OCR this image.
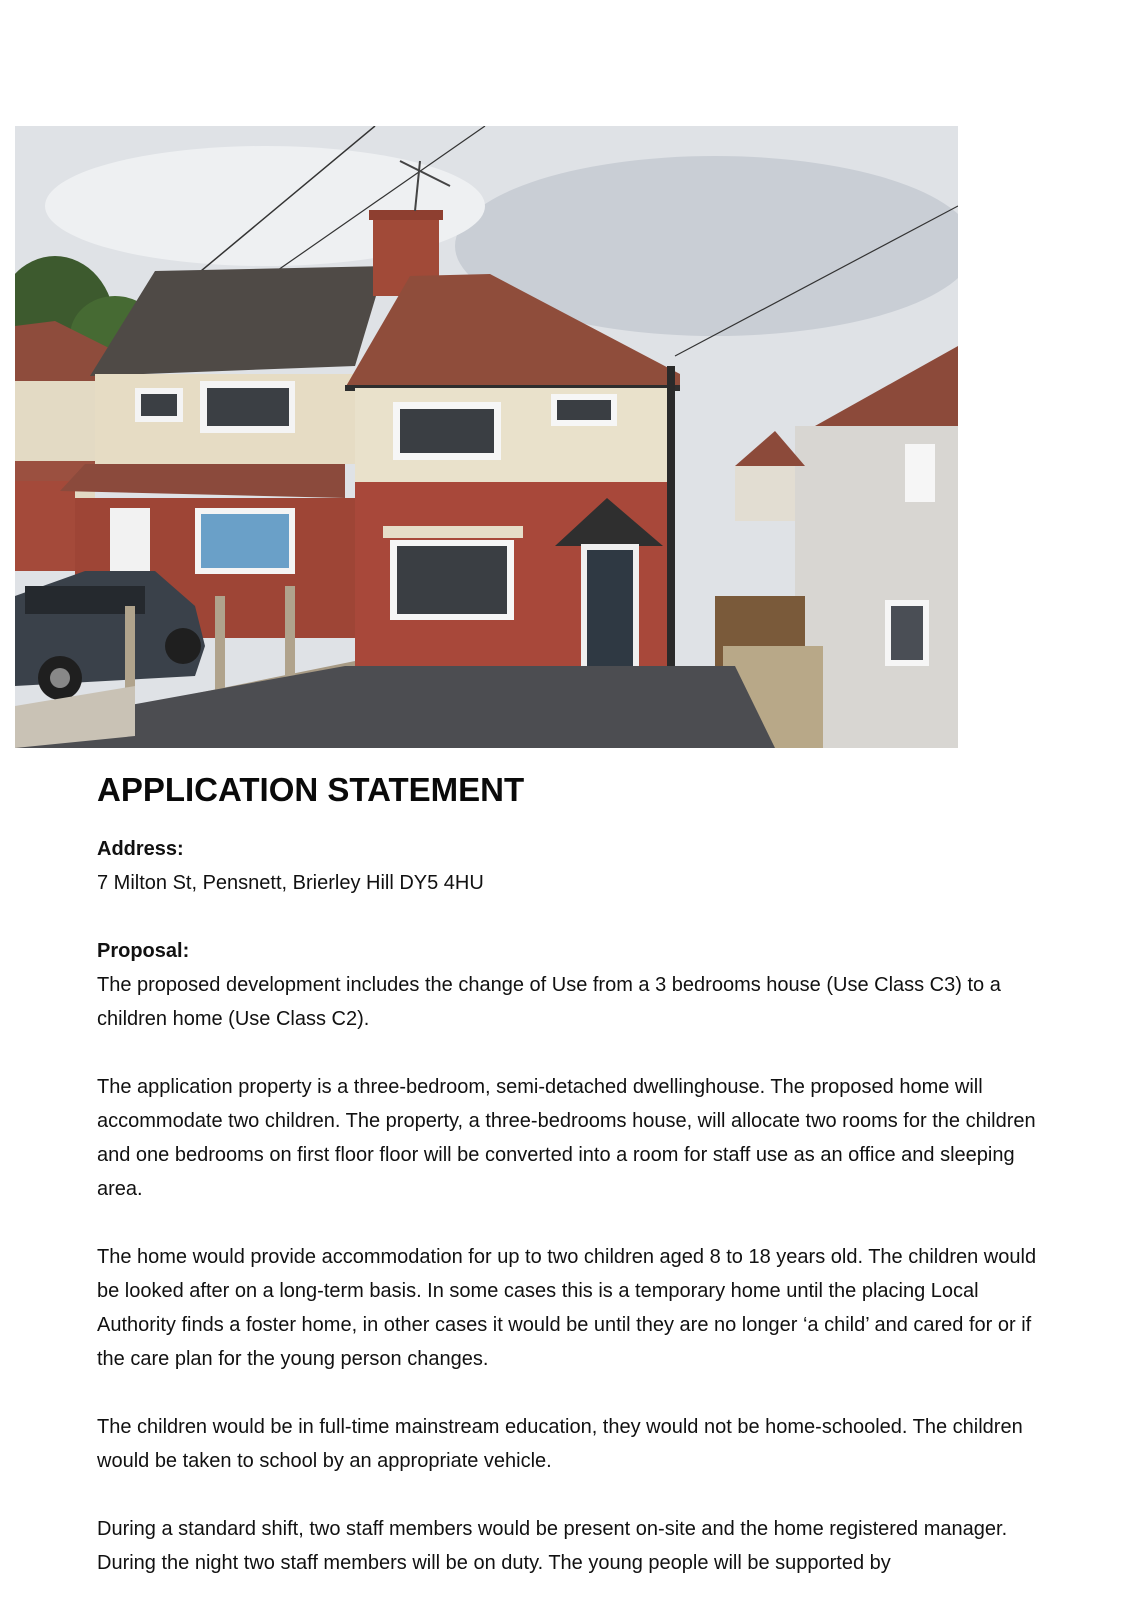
APPLICATION STATEMENT
Address:

7 Milton St, Pensnett, Brierley Hill DY5 4HU

Proposal:

The proposed development includes the change of Use from a 3 bedrooms house (Use Class C3) to a children home (Use Class C2).

The application property is a three-bedroom, semi-detached dwellinghouse. The proposed home will accommodate two children. The property, a three-bedrooms house, will allocate two rooms for the children and one bedrooms on first floor floor will be converted into a room for staff use as an office and sleeping area.

The home would provide accommodation for up to two children aged 8 to 18 years old. The children would be looked after on a long-term basis. In some cases this is a temporary home until the placing Local Authority finds a foster home, in other cases it would be until they are no longer ‘a child’ and cared for or if the care plan for the young person changes.

The children would be in full-time mainstream education, they would not be home-schooled. The children would be taken to school by an appropriate vehicle.

During a standard shift, two staff members would be present on-site and the home registered manager. During the night two staff members will be on duty. The young people will be supported by
